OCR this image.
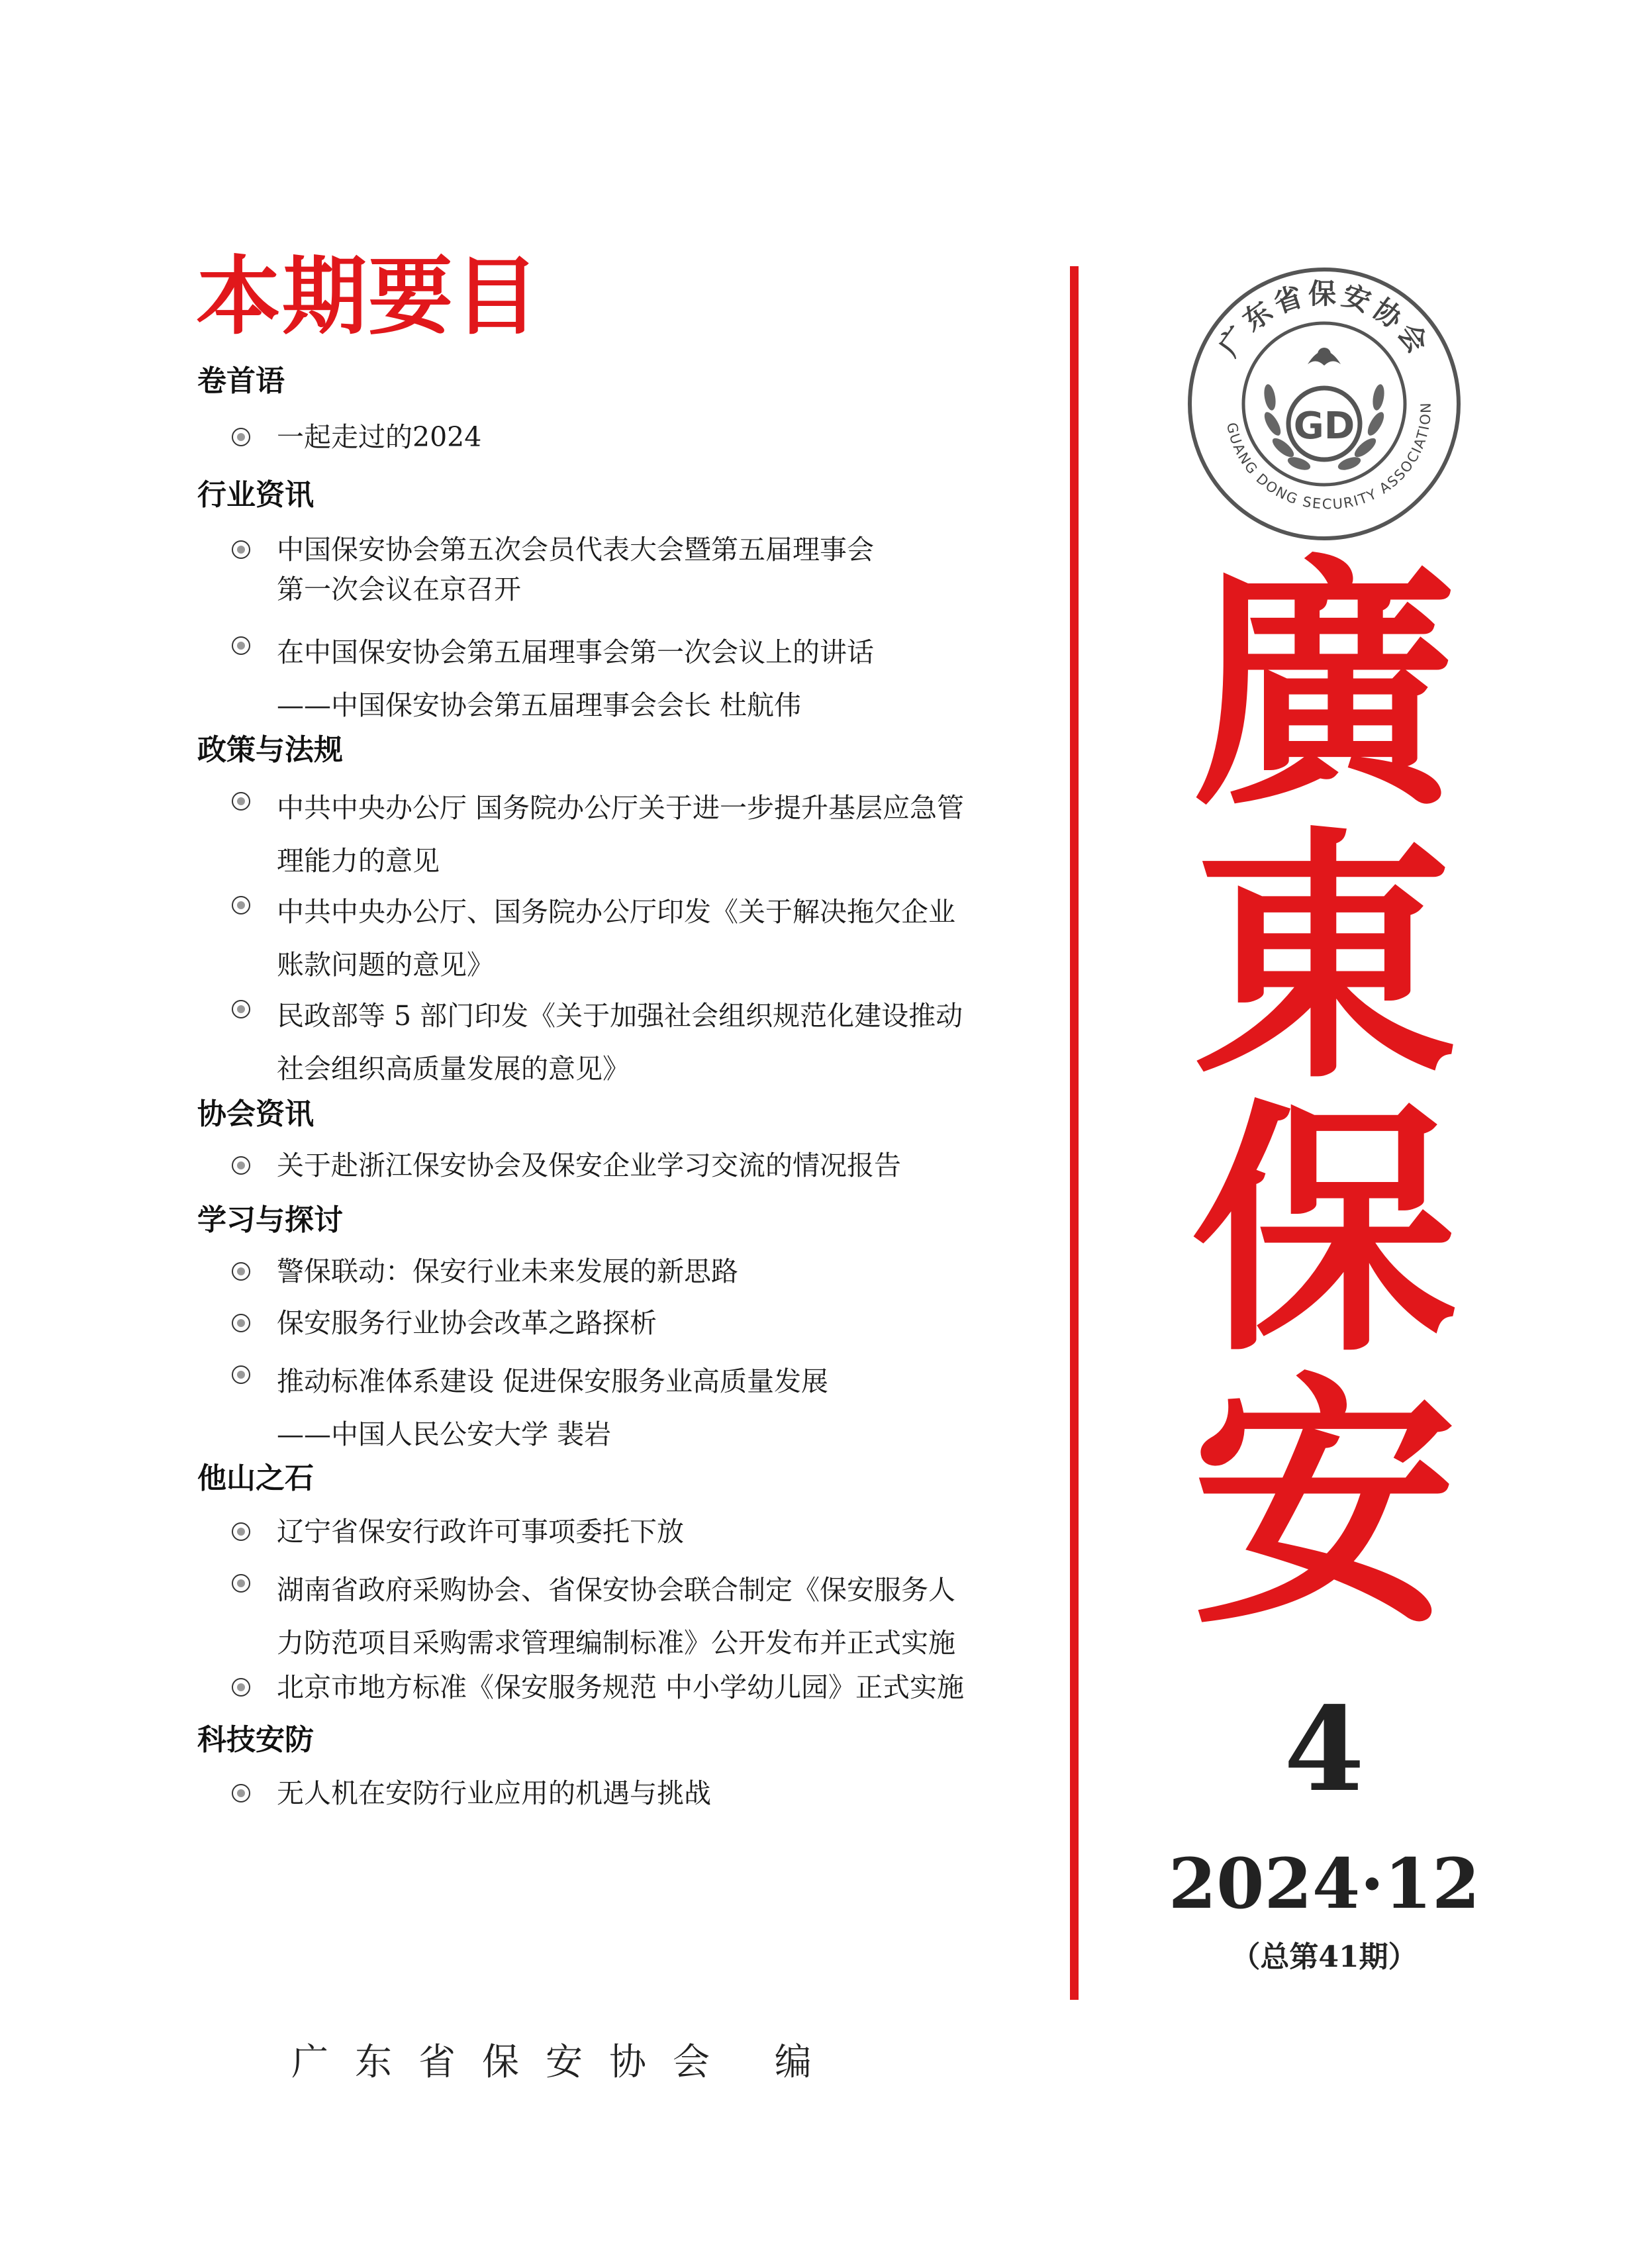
本期要目
卷首语
一起走过的2024
行业资讯
中国保安协会第五次会员代表大会暨第五届理事会
第一次会议在京召开
在中国保安协会第五届理事会第一次会议上的讲话
——中国保安协会第五届理事会会长 杜航伟
政策与法规
中共中央办公厅 国务院办公厅关于进一步提升基层应急管
理能力的意见
中共中央办公厅、国务院办公厅印发《关于解决拖欠企业
账款问题的意见》
民政部等 5 部门印发《关于加强社会组织规范化建设推动
社会组织高质量发展的意见》
协会资讯
关于赴浙江保安协会及保安企业学习交流的情况报告
学习与探讨
警保联动：保安行业未来发展的新思路
保安服务行业协会改革之路探析
推动标准体系建设 促进保安服务业高质量发展
——中国人民公安大学 裴岩
他山之石
辽宁省保安行政许可事项委托下放
湖南省政府采购协会、省保安协会联合制定《保安服务人
力防范项目采购需求管理编制标准》公开发布并正式实施
北京市地方标准《保安服务规范 中小学幼儿园》正式实施
科技安防
无人机在安防行业应用的机遇与挑战
广东省保安协会
GUANG DONG SECURITY ASSOCIATION
GD
廣
東
保
安
4
2024·12
（总第41期）
广东省保安协会 编
